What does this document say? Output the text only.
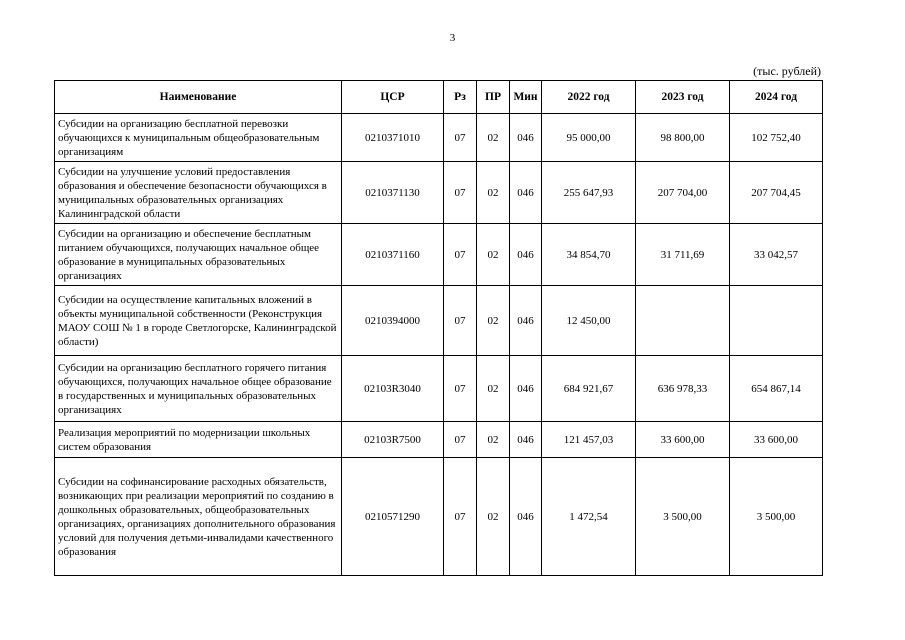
3
(тыс. рублей)
Наименование	ЦСР	Рз	ПР	Мин	2022 год	2023 год	2024 год
Субсидии на организацию бесплатной перевозки обучающихся к муниципальным общеобразовательным организациям	0210371010	07	02	046	95 000,00	98 800,00	102 752,40
Субсидии на улучшение условий предоставления образования и обеспечение безопасности обучающихся в муниципальных образовательных организациях Калининградской области	0210371130	07	02	046	255 647,93	207 704,00	207 704,45
Субсидии на организацию и обеспечение бесплатным питанием обучающихся, получающих начальное общее образование в муниципальных образовательных организациях	0210371160	07	02	046	34 854,70	31 711,69	33 042,57
Субсидии на осуществление капитальных вложений в объекты муниципальной собственности (Реконструкция МАОУ СОШ № 1 в городе Светлогорске, Калининградской области)	0210394000	07	02	046	12 450,00		
Субсидии на организацию бесплатного горячего питания обучающихся, получающих начальное общее образование в государственных и муниципальных образовательных организациях	02103R3040	07	02	046	684 921,67	636 978,33	654 867,14
Реализация мероприятий по модернизации школьных систем образования	02103R7500	07	02	046	121 457,03	33 600,00	33 600,00
Субсидии на софинансирование расходных обязательств, возникающих при реализации мероприятий по созданию в дошкольных образовательных, общеобразовательных организациях, организациях дополнительного образования условий для получения детьми-инвалидами качественного образования	0210571290	07	02	046	1 472,54	3 500,00	3 500,00
